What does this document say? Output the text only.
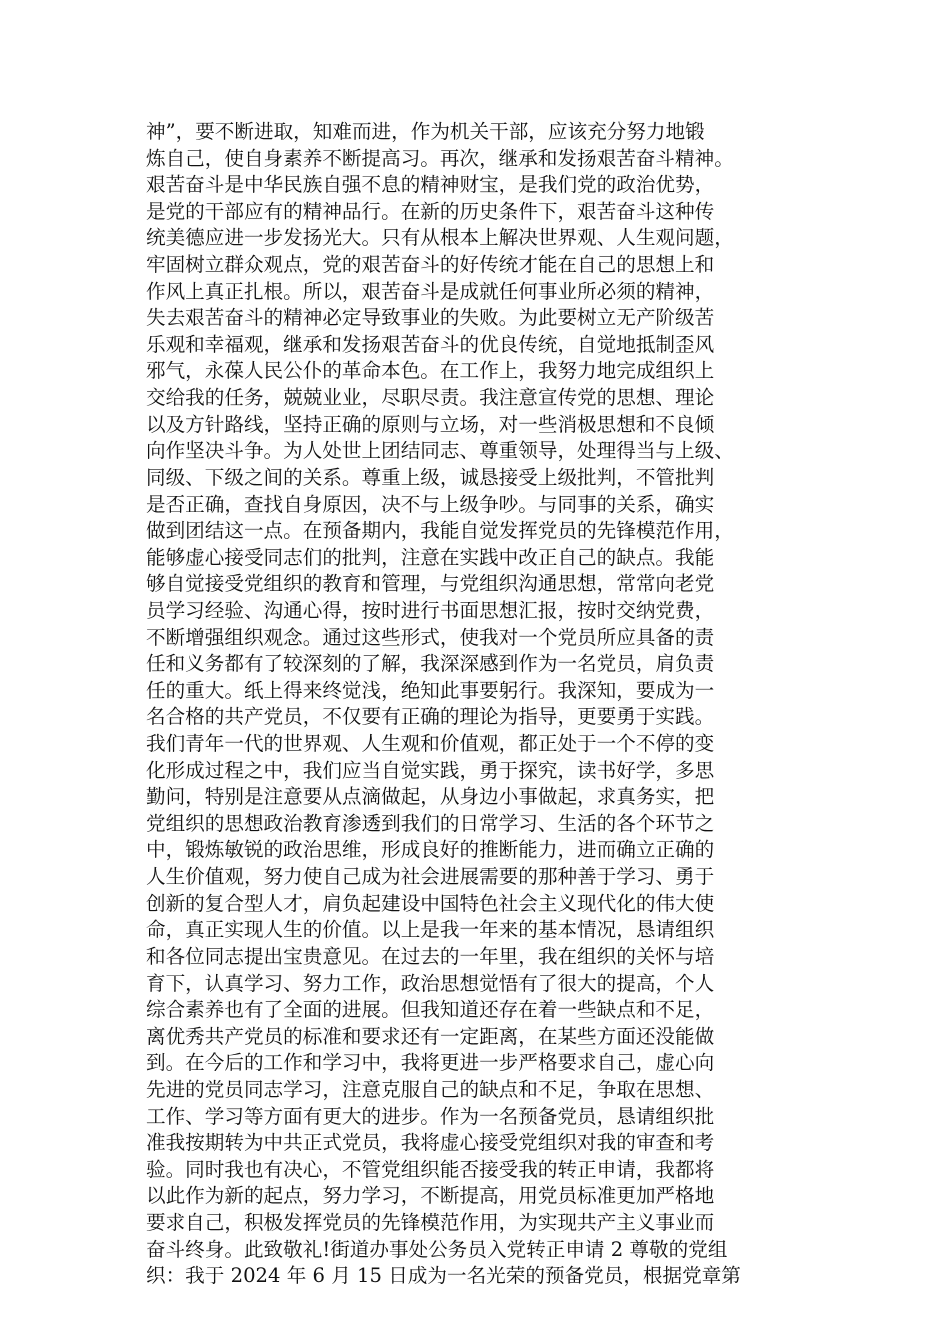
神”，要不断进取，知难而进，作为机关干部，应该充分努力地锻
炼自己，使自身素养不断提高习。再次，继承和发扬艰苦奋斗精神。
艰苦奋斗是中华民族自强不息的精神财宝，是我们党的政治优势，
是党的干部应有的精神品行。在新的历史条件下，艰苦奋斗这种传
统美德应进一步发扬光大。只有从根本上解决世界观、人生观问题，
牢固树立群众观点，党的艰苦奋斗的好传统才能在自己的思想上和
作风上真正扎根。所以，艰苦奋斗是成就任何事业所必须的精神，
失去艰苦奋斗的精神必定导致事业的失败。为此要树立无产阶级苦
乐观和幸福观，继承和发扬艰苦奋斗的优良传统，自觉地抵制歪风
邪气，永葆人民公仆的革命本色。在工作上，我努力地完成组织上
交给我的任务，兢兢业业，尽职尽责。我注意宣传党的思想、理论
以及方针路线，坚持正确的原则与立场，对一些消极思想和不良倾
向作坚决斗争。为人处世上团结同志、尊重领导，处理得当与上级、
同级、下级之间的关系。尊重上级，诚恳接受上级批判，不管批判
是否正确，查找自身原因，决不与上级争吵。与同事的关系，确实
做到团结这一点。在预备期内，我能自觉发挥党员的先锋模范作用，
能够虚心接受同志们的批判，注意在实践中改正自己的缺点。我能
够自觉接受党组织的教育和管理，与党组织沟通思想，常常向老党
员学习经验、沟通心得，按时进行书面思想汇报，按时交纳党费，
不断增强组织观念。通过这些形式，使我对一个党员所应具备的责
任和义务都有了较深刻的了解，我深深感到作为一名党员，肩负责
任的重大。纸上得来终觉浅，绝知此事要躬行。我深知，要成为一
名合格的共产党员，不仅要有正确的理论为指导，更要勇于实践。
我们青年一代的世界观、人生观和价值观，都正处于一个不停的变
化形成过程之中，我们应当自觉实践，勇于探究，读书好学，多思
勤问，特别是注意要从点滴做起，从身边小事做起，求真务实，把
党组织的思想政治教育渗透到我们的日常学习、生活的各个环节之
中，锻炼敏锐的政治思维，形成良好的推断能力，进而确立正确的
人生价值观，努力使自己成为社会进展需要的那种善于学习、勇于
创新的复合型人才，肩负起建设中国特色社会主义现代化的伟大使
命，真正实现人生的价值。以上是我一年来的基本情况，恳请组织
和各位同志提出宝贵意见。在过去的一年里，我在组织的关怀与培
育下，认真学习、努力工作，政治思想觉悟有了很大的提高，个人
综合素养也有了全面的进展。但我知道还存在着一些缺点和不足，
离优秀共产党员的标准和要求还有一定距离，在某些方面还没能做
到。在今后的工作和学习中，我将更进一步严格要求自己，虚心向
先进的党员同志学习，注意克服自己的缺点和不足，争取在思想、
工作、学习等方面有更大的进步。作为一名预备党员，恳请组织批
准我按期转为中共正式党员，我将虚心接受党组织对我的审查和考
验。同时我也有决心，不管党组织能否接受我的转正申请，我都将
以此作为新的起点，努力学习，不断提高，用党员标准更加严格地
要求自己，积极发挥党员的先锋模范作用，为实现共产主义事业而
奋斗终身。此致敬礼!街道办事处公务员入党转正申请 2 尊敬的党组
织：我于 2024 年 6 月 15 日成为一名光荣的预备党员，根据党章第
